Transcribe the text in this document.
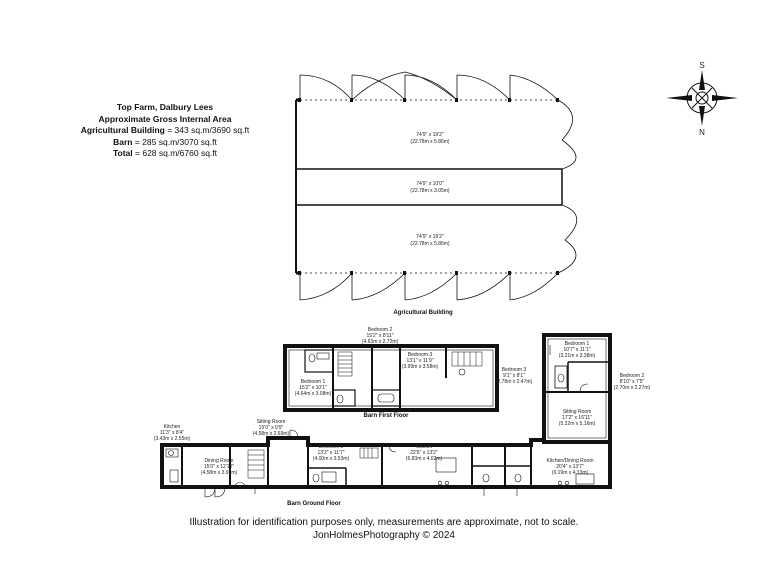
Top Farm, Dalbury Lees
Approximate Gross Internal Area
Agricultural Building = 343 sq.m/3690 sq.ft
Barn = 285 sq.m/3070 sq.ft
Total = 628 sq.m/6760 sq.ft
S
N
74'9" x 19'2"
(22.78m x 5.86m)
74'9" x 10'0"
(22.78m x 3.05m)
74'9" x 19'2"
(22.78m x 5.86m)
Agricultural Building
Bedroom 2
15'2" x 8'11"
(4.63m x 2.72m)
Bedroom 1
15'2" x 10'1"
(4.64m x 3.08m)
Bedroom 3
13'1" x 11'9"
(3.99m x 3.58m)	Bedroom 3
9'1" x 8'1"
(2.78m x 2.47m)
Barn First Floor
Bedroom 1
10'7" x 11'1"
(3.21m x 3.38m)
Bedroom 2
8'10" x 7'5"
(2.70m x 2.27m)
Sitting Room
17'2" x 16'11"
(5.22m x 5.16m)
Kitchen
11'3" x 8'4"
(3.43m x 2.55m)
Dining Room
15'0" x 12'10"
(4.58m x 3.91m)
Sitting Room
15'0" x 9'9"
(4.58m x 2.69m)
Bedroom 1
13'2" x 11'7"
(4.00m x 3.53m)
Kitchen
22'6" x 13'2"
(6.83m x 4.02m)	Kitchen/Dining Room
20'4" x 13'7"
(6.19m x 4.13m)
Barn Ground Floor
Illustration for identification purposes only, measurements are approximate, not to scale.
JonHolmesPhotography © 2024
